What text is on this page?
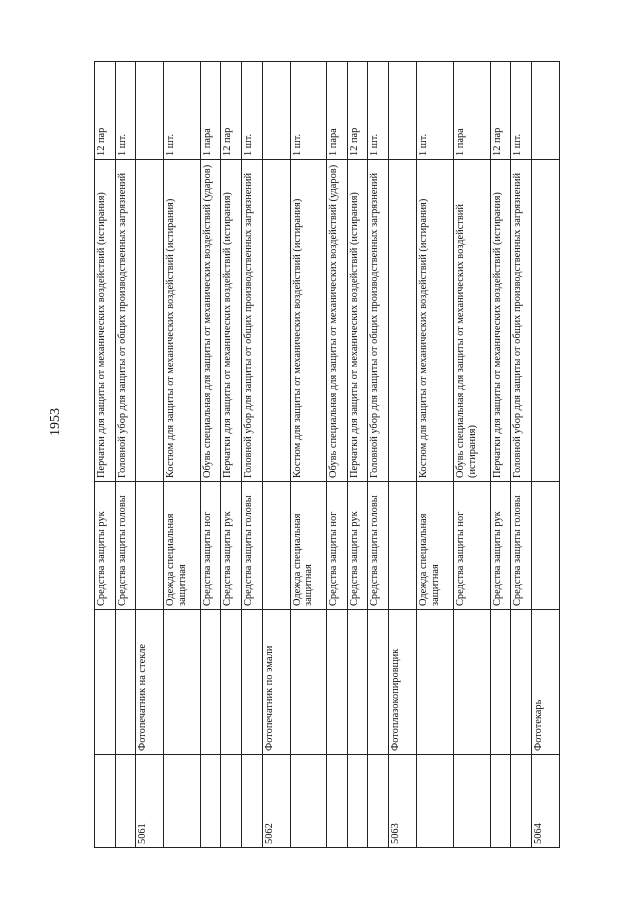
1953
		Средства защиты рук	Перчатки для защиты от механических воздействий (истирания)	12 пар
		Средства защиты головы	Головной убор для защиты от общих производственных загрязнений	1 шт.
5061	Фотопечатник на стекле			
		Одежда специальная защитная	Костюм для защиты от механических воздействий (истирания)	1 шт.
		Средства защиты ног	Обувь специальная для защиты от механических воздействий (ударов)	1 пара
		Средства защиты рук	Перчатки для защиты от механических воздействий (истирания)	12 пар
		Средства защиты головы	Головной убор для защиты от общих производственных загрязнений	1 шт.
5062	Фотопечатник по эмали			
		Одежда специальная защитная	Костюм для защиты от механических воздействий (истирания)	1 шт.
		Средства защиты ног	Обувь специальная для защиты от механических воздействий (ударов)	1 пара
		Средства защиты рук	Перчатки для защиты от механических воздействий (истирания)	12 пар
		Средства защиты головы	Головной убор для защиты от общих производственных загрязнений	1 шт.
5063	Фотоплазокопировщик			
		Одежда специальная защитная	Костюм для защиты от механических воздействий (истирания)	1 шт.
		Средства защиты ног	Обувь специальная для защиты от механических воздействий (истирания)	1 пара
		Средства защиты рук	Перчатки для защиты от механических воздействий (истирания)	12 пар
		Средства защиты головы	Головной убор для защиты от общих производственных загрязнений	1 шт.
5064	Фототекарь			
